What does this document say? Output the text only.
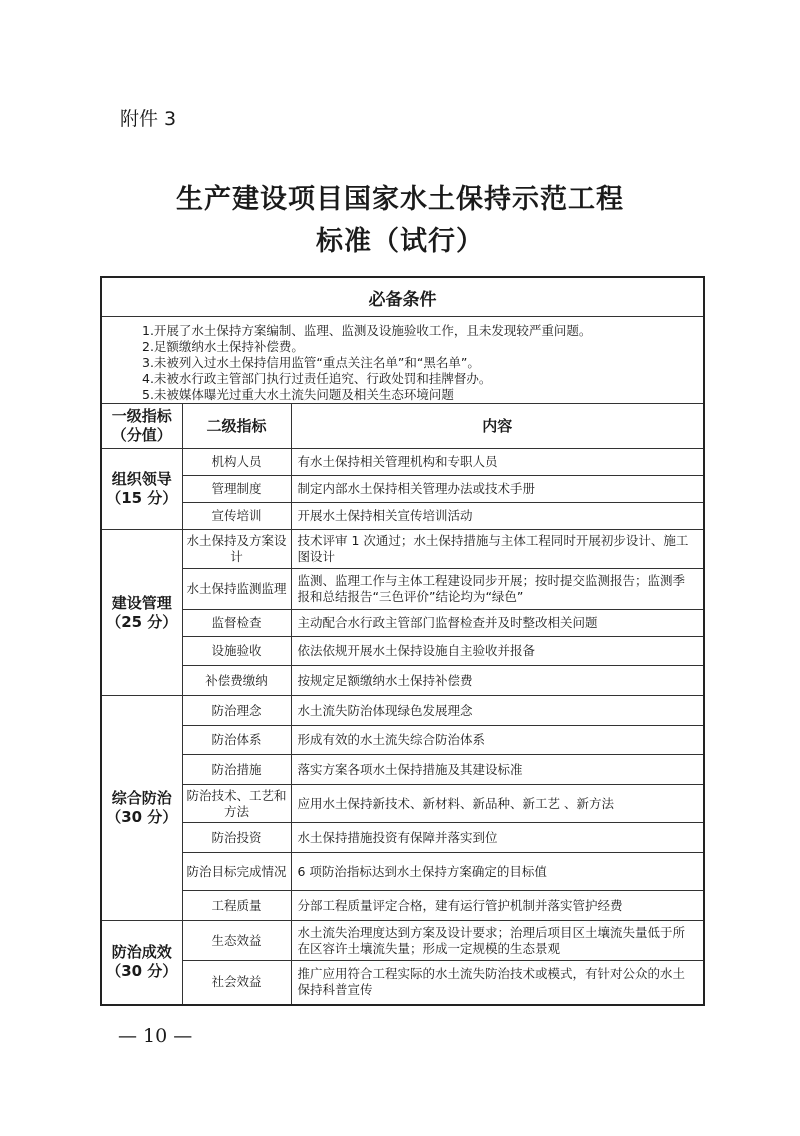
附件 3
生产建设项目国家水土保持示范工程
标准（试行）
必备条件		

1.开展了水土保持方案编制、监理、监测及设施验收工作，且未发现较严重问题。
2.足额缴纳水土保持补偿费。
3.未被列入过水土保持信用监管“重点关注名单”和“黑名单”。
4.未被水行政主管部门执行过责任追究、行政处罚和挂牌督办。
5.未被媒体曝光过重大水土流失问题及相关生态环境问题		

一级指标
（分值）	二级指标	内容

组织领导
（15 分）	机构人员	有水土保持相关管理机构和专职人员
	管理制度	制定内部水土保持相关管理办法或技术手册
	宣传培训	开展水土保持相关宣传培训活动

建设管理
（25 分）	水土保持及方案设计	技术评审 1 次通过；水土保持措施与主体工程同时开展初步设计、施工图设计
	水土保持监测监理	监测、监理工作与主体工程建设同步开展；按时提交监测报告；监测季报和总结报告“三色评价”结论均为“绿色”
	监督检查	主动配合水行政主管部门监督检查并及时整改相关问题
	设施验收	依法依规开展水土保持设施自主验收并报备
	补偿费缴纳	按规定足额缴纳水土保持补偿费

综合防治
（30 分）	防治理念	水土流失防治体现绿色发展理念
	防治体系	形成有效的水土流失综合防治体系
	防治措施	落实方案各项水土保持措施及其建设标准
	防治技术、工艺和方法	应用水土保持新技术、新材料、新品种、新工艺 、新方法
	防治投资	水土保持措施投资有保障并落实到位
	防治目标完成情况	6 项防治指标达到水土保持方案确定的目标值
	工程质量	分部工程质量评定合格，建有运行管护机制并落实管护经费

防治成效
（30 分）	生态效益	水土流失治理度达到方案及设计要求；治理后项目区土壤流失量低于所在区容许土壤流失量；形成一定规模的生态景观
	社会效益	推广应用符合工程实际的水土流失防治技术或模式，有针对公众的水土保持科普宣传
— 10 —
